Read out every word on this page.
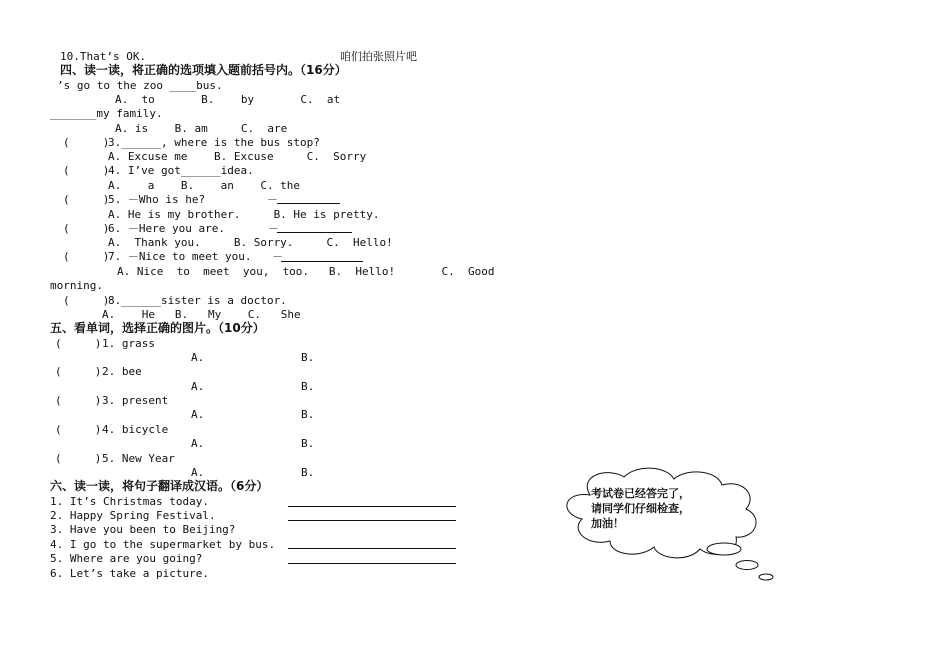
10.That’s OK.	咱们拍张照片吧
四、读一读，将正确的选项填入题前括号内。（16分）
’s go to the zoo ____bus.
A.  to       B.    by       C.  at
_______my family.
A. is    B. am     C.  are
(     )
3.______, where is the bus stop?
A. Excuse me    B. Excuse     C.  Sorry
(     )
4. I’ve got______idea.
A.    a    B.    an    C. the
(     )
5. －Who is he?	－
A. He is my brother.     B. He is pretty.
(     )
6. －Here you are.	－
A.  Thank you.     B. Sorry.     C.  Hello!
(     )
7. －Nice to meet you. －
A. Nice  to  meet  you,  too.   B.  Hello!       C.  Good
morning.
(     )
8.______sister is a doctor.
A.    He   B.   My    C.   She
五、看单词，选择正确的图片。（10分）
(     ) 1. grass
A.	B.
(     ) 2. bee
A.	B.
(     ) 3. present
A.	B.
(     ) 4. bicycle
A.	B.
(     ) 5. New Year
A.	B.
六、读一读，将句子翻译成汉语。（6分）
1. It’s Christmas today.
2. Happy Spring Festival.
3. Have you been to Beijing?
4. I go to the supermarket by bus.
5. Where are you going?
6. Let’s take a picture.
考试卷已经答完了，
请同学们仔细检查，
加油！
